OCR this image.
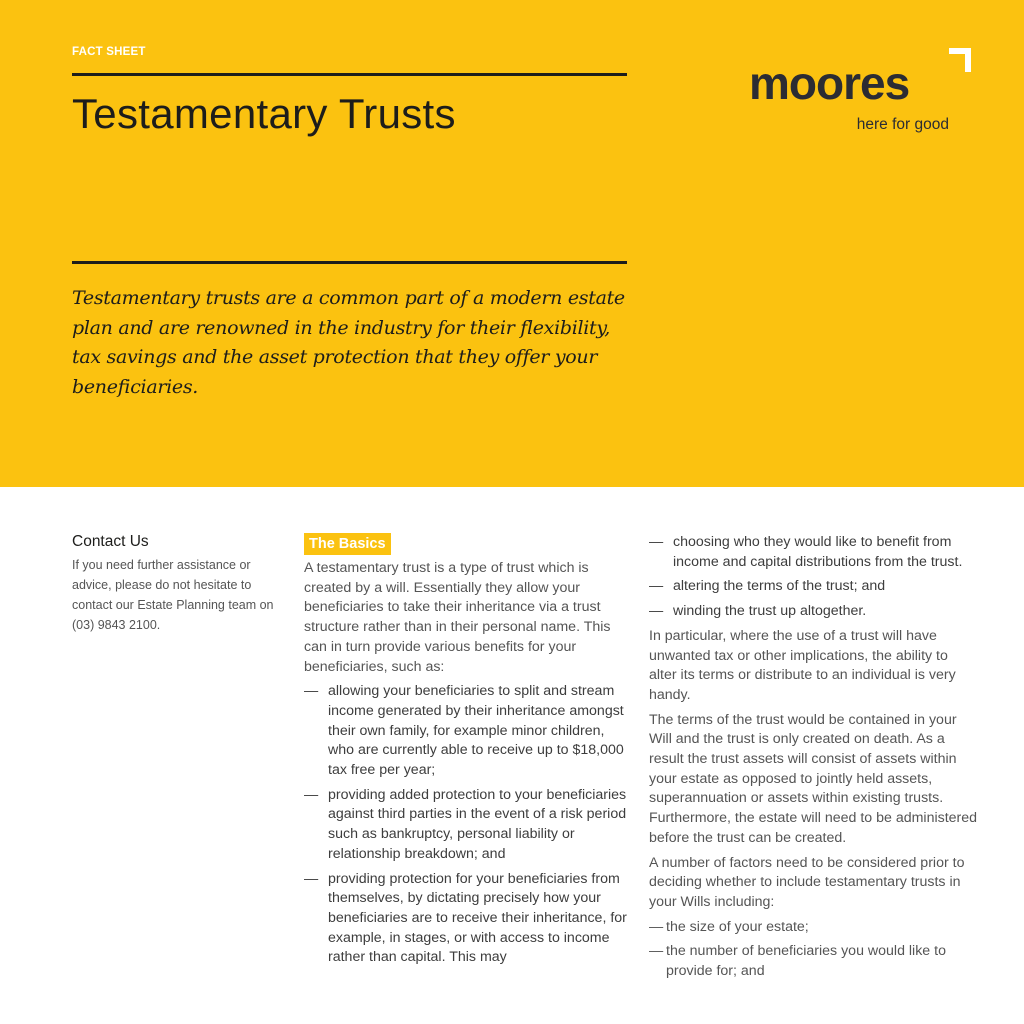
FACT SHEET
Testamentary Trusts

Testamentary trusts are a common part of a modern estate plan and are renowned in the industry for their flexibility, tax savings and the asset protection that they offer your beneficiaries.

moores
here for good
Contact Us

If you need further assistance or advice, please do not hesitate to contact our Estate Planning team on (03) 9843 2100.

The Basics

A testamentary trust is a type of trust which is created by a will. Essentially they allow your beneficiaries to take their inheritance via a trust structure rather than in their personal name. This can in turn provide various benefits for your beneficiaries, such as:

— allowing your beneficiaries to split and stream income generated by their inheritance amongst their own family, for example minor children, who are currently able to receive up to $18,000 tax free per year;
— providing added protection to your beneficiaries against third parties in the event of a risk period such as bankruptcy, personal liability or relationship breakdown; and
— providing protection for your beneficiaries from themselves, by dictating precisely how your beneficiaries are to receive their inheritance, for example, in stages, or with access to income rather than capital. This may
— choosing who they would like to benefit from income and capital distributions from the trust.
— altering the terms of the trust; and
— winding the trust up altogether.

In particular, where the use of a trust will have unwanted tax or other implications, the ability to alter its terms or distribute to an individual is very handy.

The terms of the trust would be contained in your Will and the trust is only created on death. As a result the trust assets will consist of assets within your estate as opposed to jointly held assets, superannuation or assets within existing trusts. Furthermore, the estate will need to be administered before the trust can be created.

A number of factors need to be considered prior to deciding whether to include testamentary trusts in your Wills including:

— the size of your estate;
— the number of beneficiaries you would like to provide for; and
